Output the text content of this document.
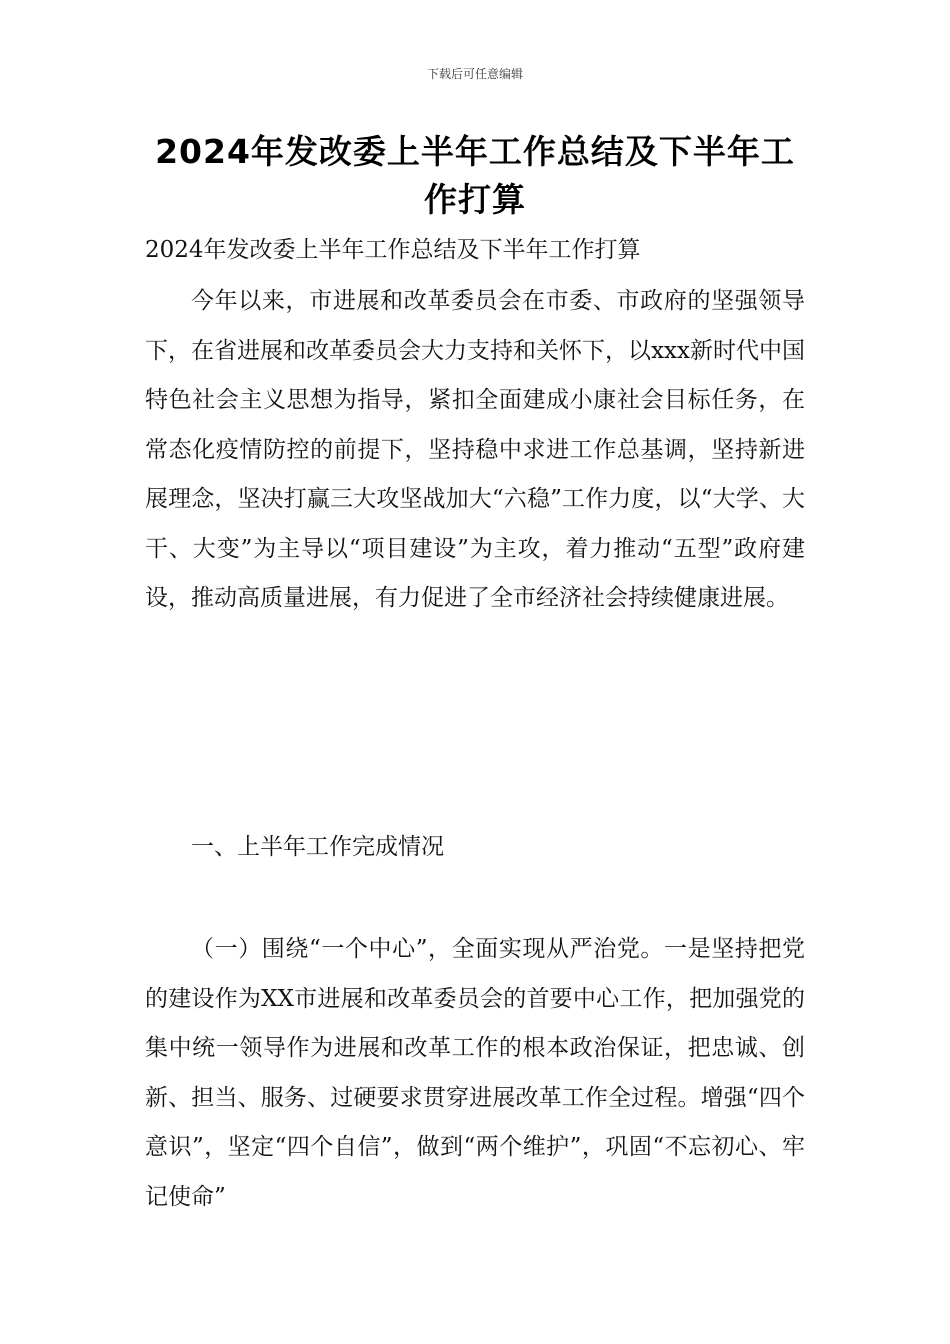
下载后可任意编辑
2024年发改委上半年工作总结及下半年工作打算

2024年发改委上半年工作总结及下半年工作打算

今年以来，市进展和改革委员会在市委、市政府的坚强领导下，在省进展和改革委员会大力支持和关怀下，以xxx新时代中国特色社会主义思想为指导，紧扣全面建成小康社会目标任务，在常态化疫情防控的前提下，坚持稳中求进工作总基调，坚持新进展理念，坚决打赢三大攻坚战加大“六稳”工作力度，以“大学、大干、大变”为主导以“项目建设”为主攻，着力推动“五型”政府建设，推动高质量进展，有力促进了全市经济社会持续健康进展。

一、上半年工作完成情况

（一）围绕“一个中心”，全面实现从严治党。一是坚持把党的建设作为XX市进展和改革委员会的首要中心工作，把加强党的集中统一领导作为进展和改革工作的根本政治保证，把忠诚、创新、担当、服务、过硬要求贯穿进展改革工作全过程。增强“四个意识”，坚定“四个自信”，做到“两个维护”，巩固“不忘初心、牢记使命”
